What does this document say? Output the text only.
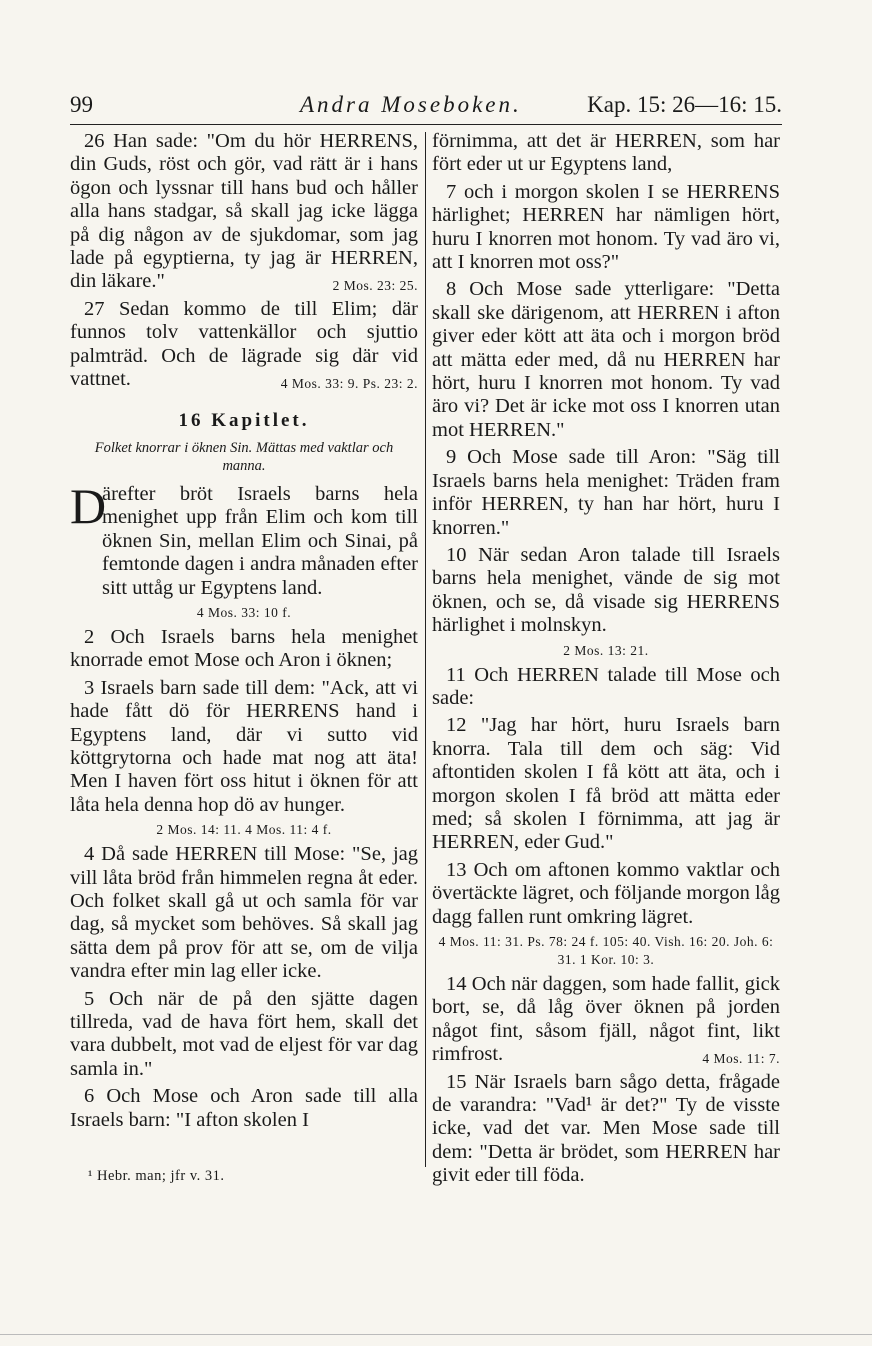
99	Andra Moseboken.	Kap. 15: 26—16: 15.

26 Han sade: "Om du hör HERRENS, din Guds, röst och gör, vad rätt är i hans ögon och lyssnar till hans bud och håller alla hans stadgar, så skall jag icke lägga på dig någon av de sjukdomar, som jag lade på egyptierna, ty jag är HERREN, din läkare."	2 Mos. 23: 25.

27 Sedan kommo de till Elim; där funnos tolv vattenkällor och sjuttio palmträd. Och de lägrade sig där vid vattnet.	4 Mos. 33: 9. Ps. 23: 2.

16 Kapitlet.
Folket knorrar i öknen Sin. Mättas med vaktlar och manna.

D
ärefter bröt Israels barns hela menighet upp från Elim och kom till öknen Sin, mellan Elim och Sinai, på femtonde dagen i andra månaden efter sitt uttåg ur Egyptens land.

4 Mos. 33: 10 f.

2 Och Israels barns hela menighet knorrade emot Mose och Aron i öknen;

3 Israels barn sade till dem: "Ack, att vi hade fått dö för HERRENS hand i Egyptens land, där vi sutto vid köttgrytorna och hade mat nog att äta! Men I haven fört oss hitut i öknen för att låta hela denna hop dö av hunger.

2 Mos. 14: 11. 4 Mos. 11: 4 f.

4 Då sade HERREN till Mose: "Se, jag vill låta bröd från himmelen regna åt eder. Och folket skall gå ut och samla för var dag, så mycket som behöves. Så skall jag sätta dem på prov för att se, om de vilja vandra efter min lag eller icke.

5 Och när de på den sjätte dagen tillreda, vad de hava fört hem, skall det vara dubbelt, mot vad de eljest för var dag samla in."

6 Och Mose och Aron sade till alla Israels barn: "I afton skolen I

förnimma, att det är HERREN, som har fört eder ut ur Egyptens land,

7 och i morgon skolen I se HERRENS härlighet; HERREN har nämligen hört, huru I knorren mot honom. Ty vad äro vi, att I knorren mot oss?"

8 Och Mose sade ytterligare: "Detta skall ske därigenom, att HERREN i afton giver eder kött att äta och i morgon bröd att mätta eder med, då nu HERREN har hört, huru I knorren mot honom. Ty vad äro vi? Det är icke mot oss I knorren utan mot HERREN."

9 Och Mose sade till Aron: "Säg till Israels barns hela menighet: Träden fram inför HERREN, ty han har hört, huru I knorren."

10 När sedan Aron talade till Israels barns hela menighet, vände de sig mot öknen, och se, då visade sig HERRENS härlighet i molnskyn.

2 Mos. 13: 21.

11 Och HERREN talade till Mose och sade:

12 "Jag har hört, huru Israels barn knorra. Tala till dem och säg: Vid aftontiden skolen I få kött att äta, och i morgon skolen I få bröd att mätta eder med; så skolen I förnimma, att jag är HERREN, eder Gud."

13 Och om aftonen kommo vaktlar och övertäckte lägret, och följande morgon låg dagg fallen runt omkring lägret.

4 Mos. 11: 31. Ps. 78: 24 f. 105: 40. Vish. 16: 20. Joh. 6: 31. 1 Kor. 10: 3.

14 Och när daggen, som hade fallit, gick bort, se, då låg över öknen på jorden något fint, såsom fjäll, något fint, likt rimfrost.	4 Mos. 11: 7.

15 När Israels barn sågo detta, frågade de varandra: "Vad¹ är det?" Ty de visste icke, vad det var. Men Mose sade till dem: "Detta är brödet, som HERREN har givit eder till föda.

¹ Hebr. man; jfr v. 31.
